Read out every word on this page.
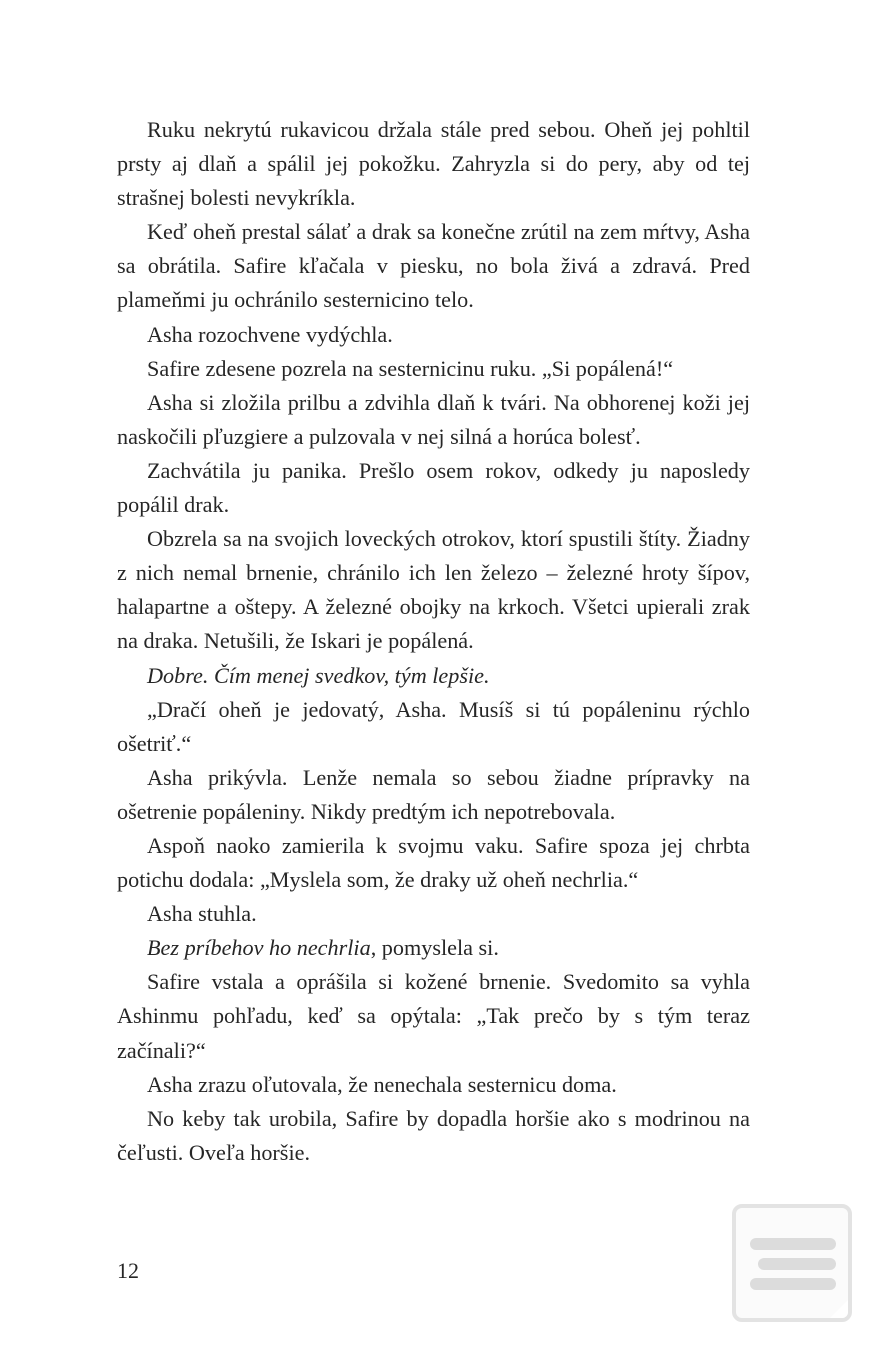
Ruku nekrytú rukavicou držala stále pred sebou. Oheň jej pohltil prsty aj dlaň a spálil jej pokožku. Zahryzla si do pery, aby od tej strašnej bolesti nevykríkla.

Keď oheň prestal sálať a drak sa konečne zrútil na zem mŕtvy, Asha sa obrátila. Safire kľačala v piesku, no bola živá a zdravá. Pred plameňmi ju ochránilo sesternicino telo.

Asha rozochvene vydýchla.

Safire zdesene pozrela na sesternicinu ruku. „Si popálená!“

Asha si zložila prilbu a zdvihla dlaň k tvári. Na obhorenej koži jej naskočili pľuzgiere a pulzovala v nej silná a horúca bolesť.

Zachvátila ju panika. Prešlo osem rokov, odkedy ju naposledy popálil drak.

Obzrela sa na svojich loveckých otrokov, ktorí spustili štíty. Žiadny z nich nemal brnenie, chránilo ich len železo – železné hroty šípov, halapartne a oštepy. A železné obojky na krkoch. Všetci upierali zrak na draka. Netušili, že Iskari je popálená.

Dobre. Čím menej svedkov, tým lepšie.

„Dračí oheň je jedovatý, Asha. Musíš si tú popáleninu rýchlo ošetriť.“

Asha prikývla. Lenže nemala so sebou žiadne prípravky na ošetrenie popáleniny. Nikdy predtým ich nepotrebovala.

Aspoň naoko zamierila k svojmu vaku. Safire spoza jej chrbta potichu dodala: „Myslela som, že draky už oheň nechrlia.“

Asha stuhla.

Bez príbehov ho nechrlia, pomyslela si.

Safire vstala a oprášila si kožené brnenie. Svedomito sa vyhla Ashinmu pohľadu, keď sa opýtala: „Tak prečo by s tým teraz začínali?“

Asha zrazu oľutovala, že nenechala sesternicu doma.

No keby tak urobila, Safire by dopadla horšie ako s modrinou na čeľusti. Oveľa horšie.

12
